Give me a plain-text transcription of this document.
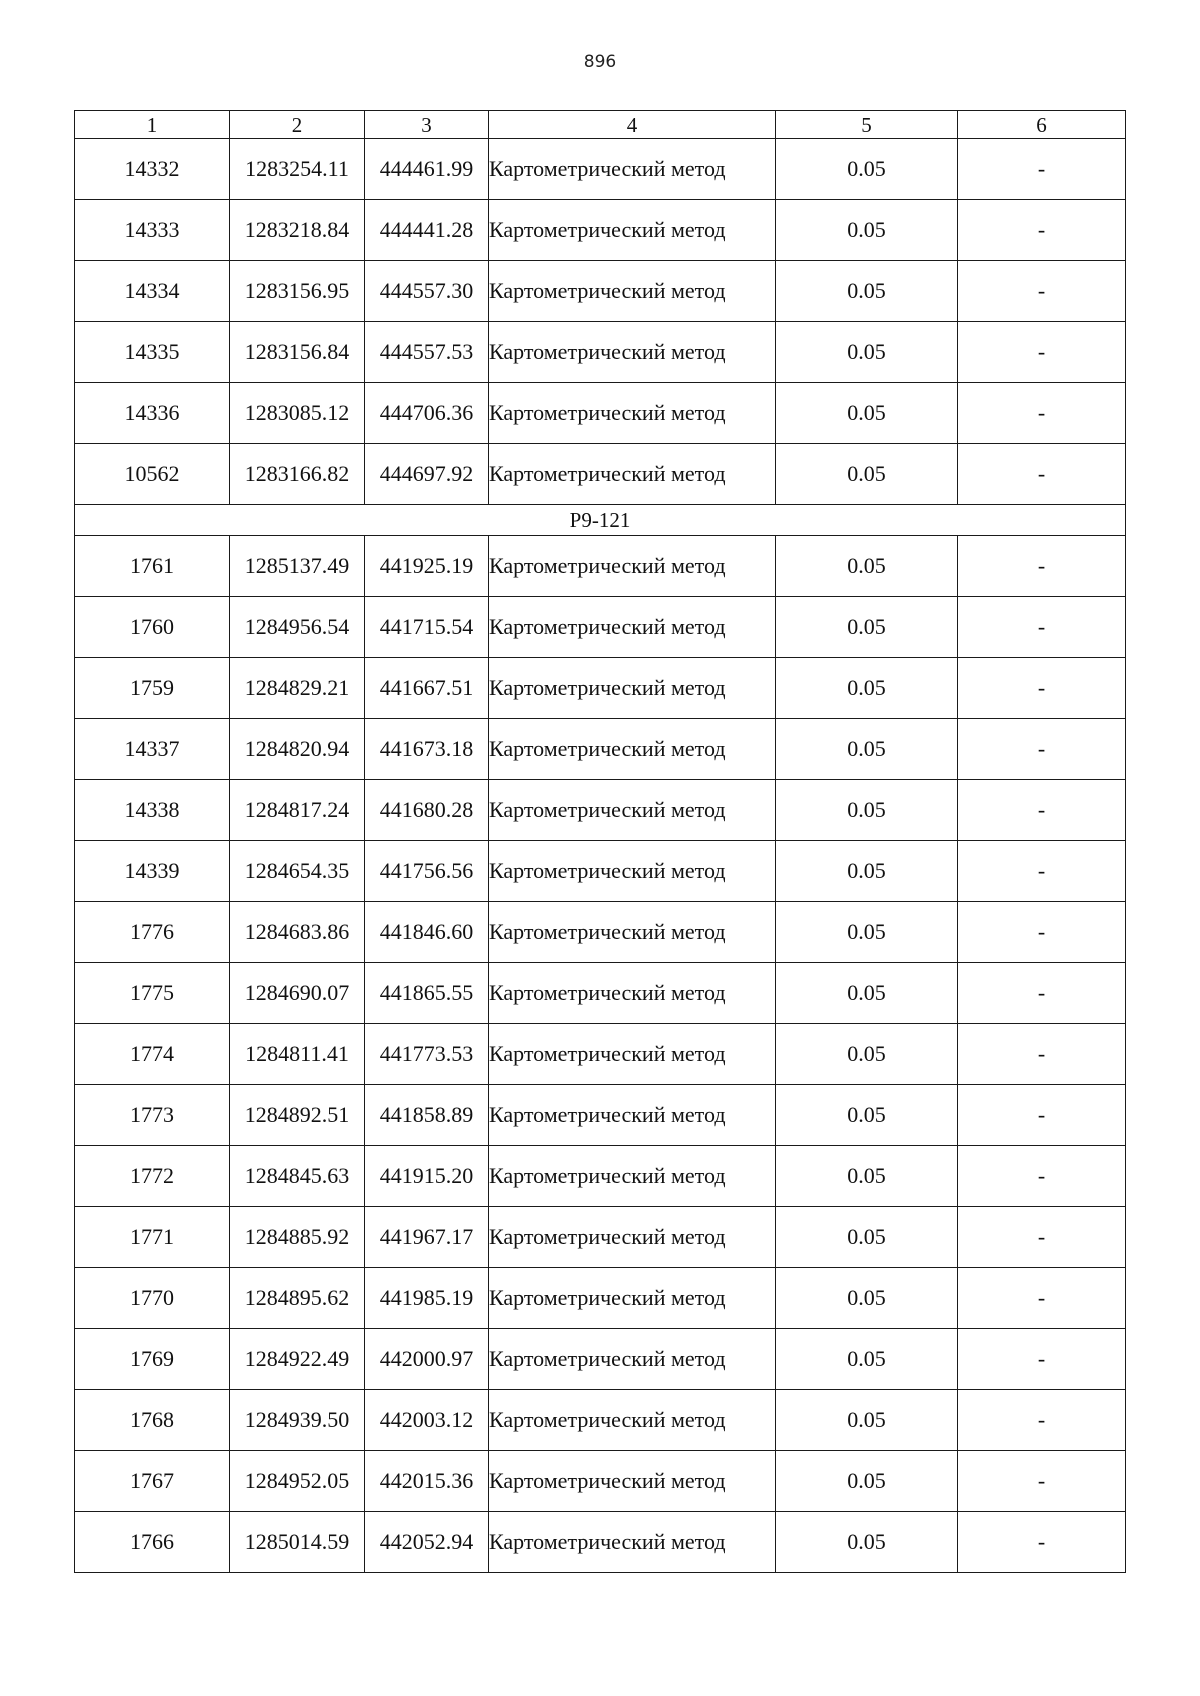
896
1	2	3	4	5	6
14332	1283254.11	444461.99	Картометрический метод	0.05	-
14333	1283218.84	444441.28	Картометрический метод	0.05	-
14334	1283156.95	444557.30	Картометрический метод	0.05	-
14335	1283156.84	444557.53	Картометрический метод	0.05	-
14336	1283085.12	444706.36	Картометрический метод	0.05	-
10562	1283166.82	444697.92	Картометрический метод	0.05	-
Р9-121					
1761	1285137.49	441925.19	Картометрический метод	0.05	-
1760	1284956.54	441715.54	Картометрический метод	0.05	-
1759	1284829.21	441667.51	Картометрический метод	0.05	-
14337	1284820.94	441673.18	Картометрический метод	0.05	-
14338	1284817.24	441680.28	Картометрический метод	0.05	-
14339	1284654.35	441756.56	Картометрический метод	0.05	-
1776	1284683.86	441846.60	Картометрический метод	0.05	-
1775	1284690.07	441865.55	Картометрический метод	0.05	-
1774	1284811.41	441773.53	Картометрический метод	0.05	-
1773	1284892.51	441858.89	Картометрический метод	0.05	-
1772	1284845.63	441915.20	Картометрический метод	0.05	-
1771	1284885.92	441967.17	Картометрический метод	0.05	-
1770	1284895.62	441985.19	Картометрический метод	0.05	-
1769	1284922.49	442000.97	Картометрический метод	0.05	-
1768	1284939.50	442003.12	Картометрический метод	0.05	-
1767	1284952.05	442015.36	Картометрический метод	0.05	-
1766	1285014.59	442052.94	Картометрический метод	0.05	-
